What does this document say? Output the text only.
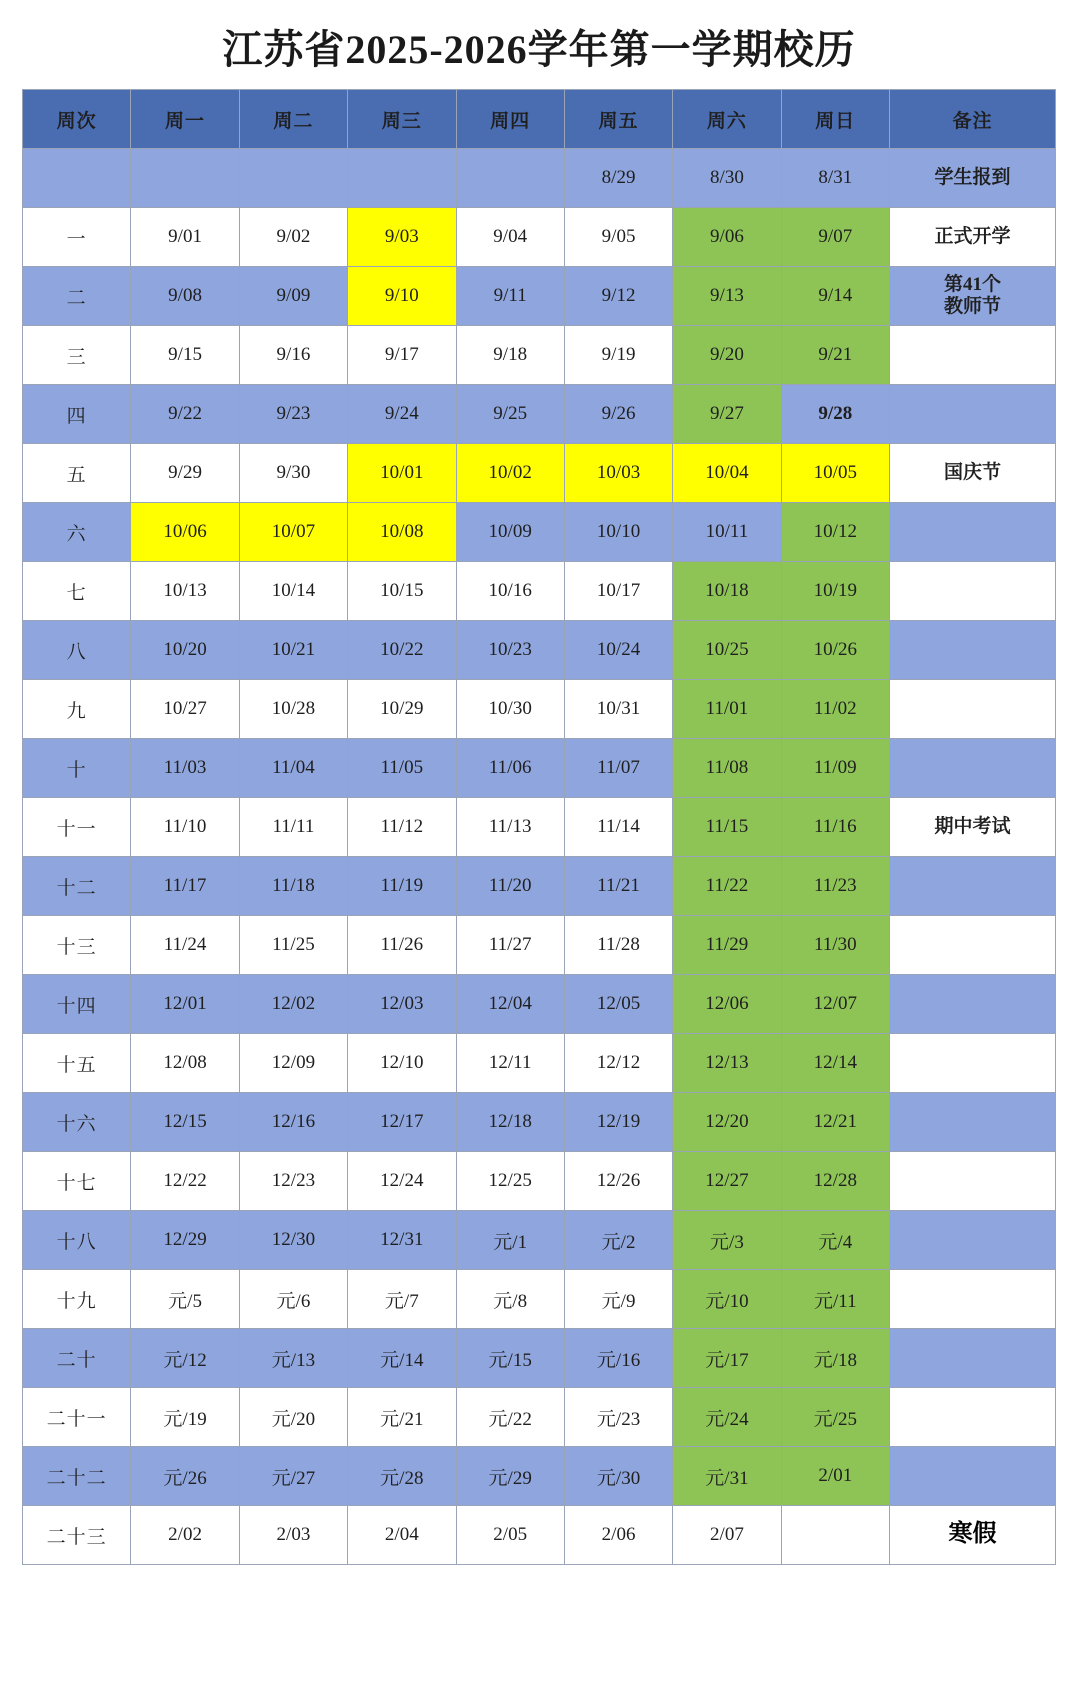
江苏省2025-2026学年第一学期校历
周次	周一	周二	周三	周四	周五	周六	周日	备注
					8/29	8/30	8/31	学生报到

一	9/01	9/02	9/03	9/04	9/05	9/06	9/07	正式开学

二	9/08	9/09	9/10	9/11	9/12	9/13	9/14	第41个
教师节

三	9/15	9/16	9/17	9/18	9/19	9/20	9/21	

四	9/22	9/23	9/24	9/25	9/26	9/27	9/28	

五	9/29	9/30	10/01	10/02	10/03	10/04	10/05	国庆节

六	10/06	10/07	10/08	10/09	10/10	10/11	10/12	

七	10/13	10/14	10/15	10/16	10/17	10/18	10/19	

八	10/20	10/21	10/22	10/23	10/24	10/25	10/26	

九	10/27	10/28	10/29	10/30	10/31	11/01	11/02	

十	11/03	11/04	11/05	11/06	11/07	11/08	11/09	

十一	11/10	11/11	11/12	11/13	11/14	11/15	11/16	期中考试

十二	11/17	11/18	11/19	11/20	11/21	11/22	11/23	

十三	11/24	11/25	11/26	11/27	11/28	11/29	11/30	

十四	12/01	12/02	12/03	12/04	12/05	12/06	12/07	

十五	12/08	12/09	12/10	12/11	12/12	12/13	12/14	

十六	12/15	12/16	12/17	12/18	12/19	12/20	12/21	

十七	12/22	12/23	12/24	12/25	12/26	12/27	12/28	

十八	12/29	12/30	12/31	元/1	元/2	元/3	元/4	

十九	元/5	元/6	元/7	元/8	元/9	元/10	元/11	

二十	元/12	元/13	元/14	元/15	元/16	元/17	元/18	

二十一	元/19	元/20	元/21	元/22	元/23	元/24	元/25	

二十二	元/26	元/27	元/28	元/29	元/30	元/31	2/01	

二十三	2/02	2/03	2/04	2/05	2/06	2/07		寒假
